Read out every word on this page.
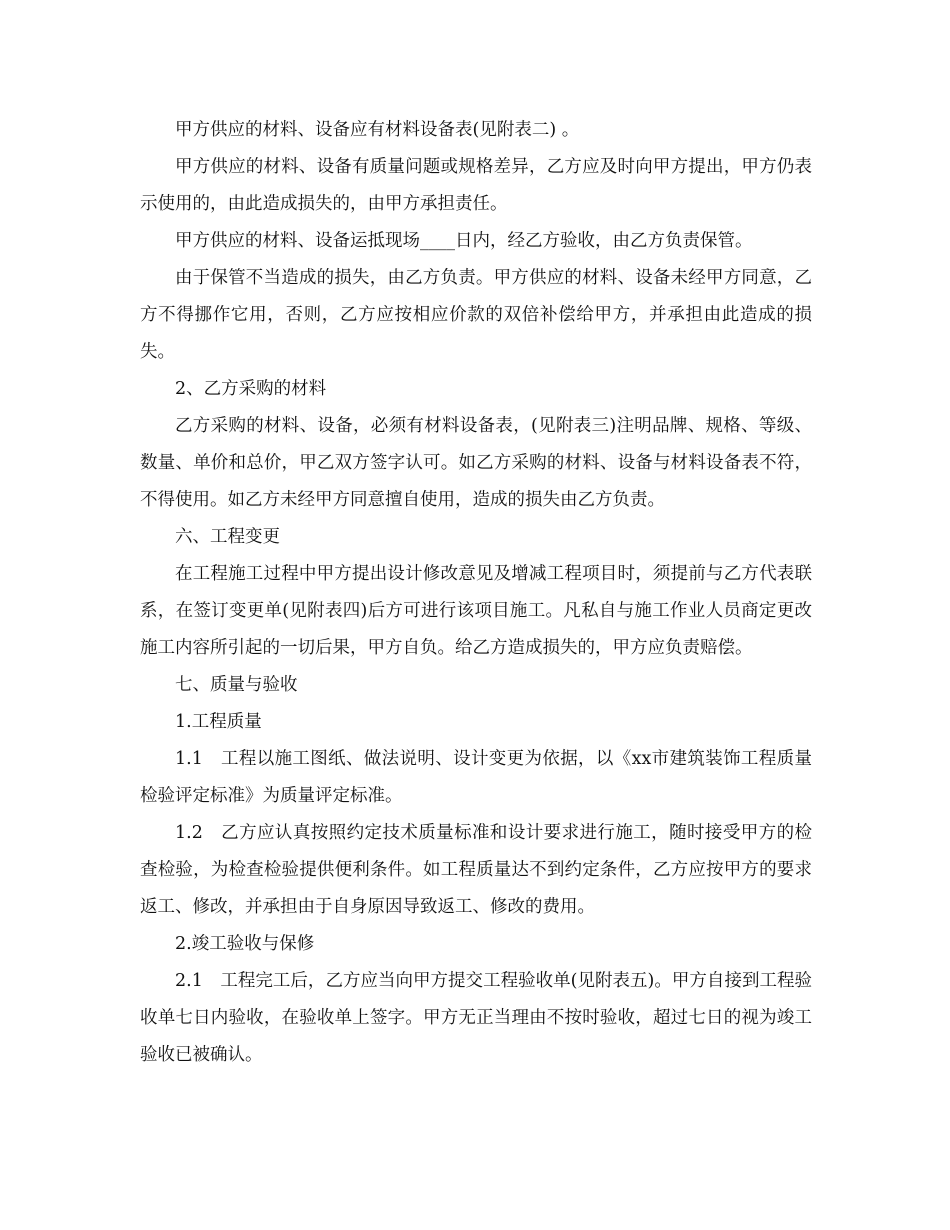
甲方供应的材料、设备应有材料设备表(见附表二) 。

甲方供应的材料、设备有质量问题或规格差异，乙方应及时向甲方提出，甲方仍表示使用的，由此造成损失的，由甲方承担责任。

甲方供应的材料、设备运抵现场____日内，经乙方验收，由乙方负责保管。

由于保管不当造成的损失，由乙方负责。甲方供应的材料、设备未经甲方同意，乙方不得挪作它用，否则，乙方应按相应价款的双倍补偿给甲方，并承担由此造成的损失。

2、乙方采购的材料

乙方采购的材料、设备，必须有材料设备表，(见附表三)注明品牌、规格、等级、数量、单价和总价，甲乙双方签字认可。如乙方采购的材料、设备与材料设备表不符，不得使用。如乙方未经甲方同意擅自使用，造成的损失由乙方负责。

六、工程变更

在工程施工过程中甲方提出设计修改意见及增减工程项目时，须提前与乙方代表联系，在签订变更单(见附表四)后方可进行该项目施工。凡私自与施工作业人员商定更改施工内容所引起的一切后果，甲方自负。给乙方造成损失的，甲方应负责赔偿。

七、质量与验收

1.工程质量

1.1　工程以施工图纸、做法说明、设计变更为依据，以《xx市建筑装饰工程质量检验评定标准》为质量评定标准。

1.2　乙方应认真按照约定技术质量标准和设计要求进行施工，随时接受甲方的检查检验，为检查检验提供便利条件。如工程质量达不到约定条件，乙方应按甲方的要求返工、修改，并承担由于自身原因导致返工、修改的费用。

2.竣工验收与保修

2.1　工程完工后，乙方应当向甲方提交工程验收单(见附表五)。甲方自接到工程验收单七日内验收，在验收单上签字。甲方无正当理由不按时验收，超过七日的视为竣工验收已被确认。
